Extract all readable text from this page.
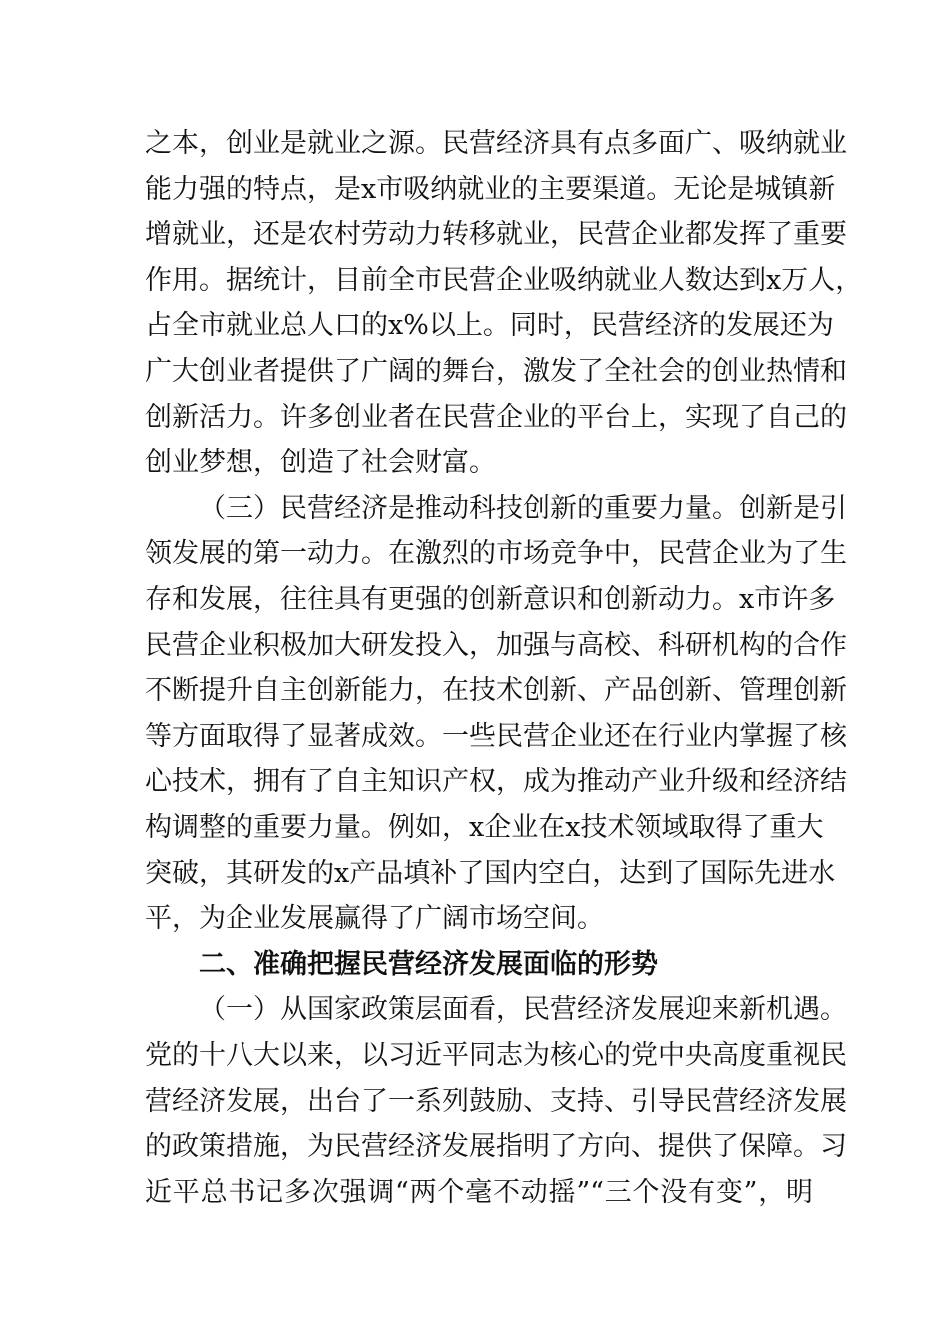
之本，创业是就业之源。民营经济具有点多面广、吸纳就业
能力强的特点，是x市吸纳就业的主要渠道。无论是城镇新
增就业，还是农村劳动力转移就业，民营企业都发挥了重要
作用。据统计，目前全市民营企业吸纳就业人数达到x万人，
占全市就业总人口的x%以上。同时，民营经济的发展还为
广大创业者提供了广阔的舞台，激发了全社会的创业热情和
创新活力。许多创业者在民营企业的平台上，实现了自己的
创业梦想，创造了社会财富。
（三）民营经济是推动科技创新的重要力量。创新是引
领发展的第一动力。在激烈的市场竞争中，民营企业为了生
存和发展，往往具有更强的创新意识和创新动力。x市许多
民营企业积极加大研发投入，加强与高校、科研机构的合作
不断提升自主创新能力，在技术创新、产品创新、管理创新
等方面取得了显著成效。一些民营企业还在行业内掌握了核
心技术，拥有了自主知识产权，成为推动产业升级和经济结
构调整的重要力量。例如，x企业在x技术领域取得了重大
突破，其研发的x产品填补了国内空白，达到了国际先进水
平，为企业发展赢得了广阔市场空间。
二、准确把握民营经济发展面临的形势
（一）从国家政策层面看，民营经济发展迎来新机遇。
党的十八大以来，以习近平同志为核心的党中央高度重视民
营经济发展，出台了一系列鼓励、支持、引导民营经济发展
的政策措施，为民营经济发展指明了方向、提供了保障。习
近平总书记多次强调“两个毫不动摇”“三个没有变”，明
